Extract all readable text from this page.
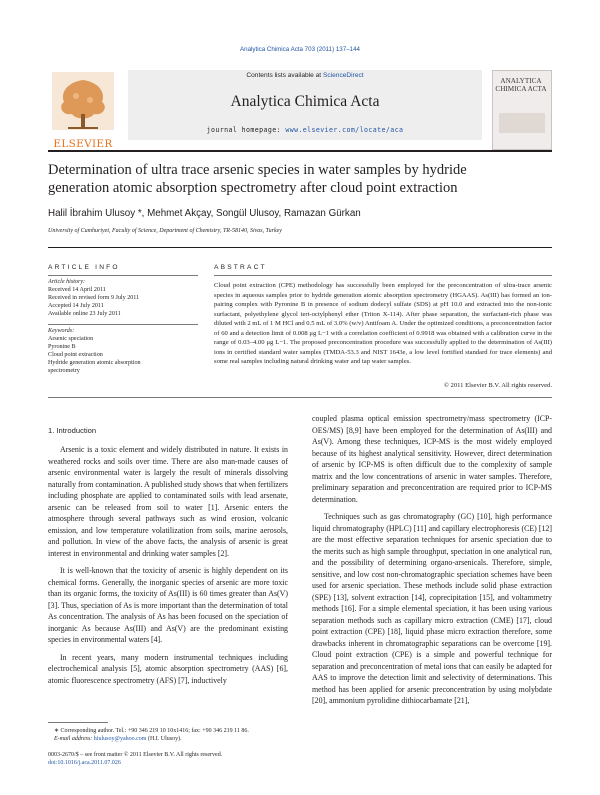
Analytica Chimica Acta 703 (2011) 137–144
ELSEVIER
Contents lists available at ScienceDirect
Analytica Chimica Acta
journal homepage: www.elsevier.com/locate/aca
ANALYTICA CHIMICA ACTA
Determination of ultra trace arsenic species in water samples by hydride generation atomic absorption spectrometry after cloud point extraction
Halil İbrahim Ulusoy *, Mehmet Akçay, Songül Ulusoy, Ramazan Gürkan
University of Cumhuriyet, Faculty of Science, Department of Chemistry, TR-58140, Sivas, Turkey
ARTICLE INFO
Article history:
Received 14 April 2011
Received in revised form 9 July 2011
Accepted 14 July 2011
Available online 23 July 2011
Keywords:
Arsenic speciation
Pyronine B
Cloud point extraction
Hydride generation atomic absorption
spectrometry
ABSTRACT
Cloud point extraction (CPE) methodology has successfully been employed for the preconcentration of ultra-trace arsenic species in aqueous samples prior to hydride generation atomic absorption spectrometry (HGAAS). As(III) has formed an ion-pairing complex with Pyronine B in presence of sodium dodecyl sulfate (SDS) at pH 10.0 and extracted into the non-ionic surfactant, polyethylene glycol tert-octylphenyl ether (Triton X-114). After phase separation, the surfactant-rich phase was diluted with 2 mL of 1 M HCl and 0.5 mL of 3.0% (w/v) Antifoam A. Under the optimized conditions, a preconcentration factor of 60 and a detection limit of 0.008 μg L−1 with a correlation coefficient of 0.9918 was obtained with a calibration curve in the range of 0.03–4.00 μg L−1. The proposed preconcentration procedure was successfully applied to the determination of As(III) ions in certified standard water samples (TMDA-53.3 and NIST 1643e, a low level fortified standard for trace elements) and some real samples including natural drinking water and tap water samples.
© 2011 Elsevier B.V. All rights reserved.
1. Introduction

Arsenic is a toxic element and widely distributed in nature. It exists in weathered rocks and soils over time. There are also man-made causes of arsenic environmental water is largely the result of minerals dissolving naturally from contamination. A published study shows that when fertilizers including phosphate are applied to contaminated soils with lead arsenate, arsenic can be released from soil to water [1]. Arsenic enters the atmosphere through several pathways such as wind erosion, volcanic emission, and low temperature volatilization from soils, marine aerosols, and pollution. In view of the above facts, the analysis of arsenic is great interest in environmental and drinking water samples [2].

It is well-known that the toxicity of arsenic is highly dependent on its chemical forms. Generally, the inorganic species of arsenic are more toxic than its organic forms, the toxicity of As(III) is 60 times greater than As(V) [3]. Thus, speciation of As is more important than the determination of total As concentration. The analysis of As has been focused on the speciation of inorganic As because As(III) and As(V) are the predominant existing species in environmental waters [4].

In recent years, many modern instrumental techniques including electrochemical analysis [5], atomic absorption spectrometry (AAS) [6], atomic fluorescence spectrometry (AFS) [7], inductively

coupled plasma optical emission spectrometry/mass spectrometry (ICP-OES/MS) [8,9] have been employed for the determination of As(III) and As(V). Among these techniques, ICP-MS is the most widely employed because of its highest analytical sensitivity. However, direct determination of arsenic by ICP-MS is often difficult due to the complexity of sample matrix and the low concentrations of arsenic in water samples. Therefore, preliminary separation and preconcentration are required prior to ICP-MS determination.

Techniques such as gas chromatography (GC) [10], high performance liquid chromatography (HPLC) [11] and capillary electrophoresis (CE) [12] are the most effective separation techniques for arsenic speciation due to the merits such as high sample throughput, speciation in one analytical run, and the possibility of determining organo-arsenicals. Therefore, simple, sensitive, and low cost non-chromatographic speciation schemes have been used for arsenic speciation. These methods include solid phase extraction (SPE) [13], solvent extraction [14], coprecipitation [15], and voltammetry methods [16]. For a simple elemental speciation, it has been using various separation methods such as capillary micro extraction (CME) [17], cloud point extraction (CPE) [18], liquid phase micro extraction therefore, some drawbacks inherent in chromatographic separations can be overcome [19]. Cloud point extraction (CPE) is a simple and powerful technique for separation and preconcentration of metal ions that can easily be adapted for AAS to improve the detection limit and selectivity of determinations. This method has been applied for arsenic preconcentration by using molybdate [20], ammonium pyrolidine dithiocarbamate [21],

∗ Corresponding author. Tel.: +90 346 219 10 10x1416; fax: +90 346 219 11 86.
E-mail address: hiulusoy@yahoo.com (H.I. Ulusoy).
0003-2670/$ – see front matter © 2011 Elsevier B.V. All rights reserved.
doi:10.1016/j.aca.2011.07.026
